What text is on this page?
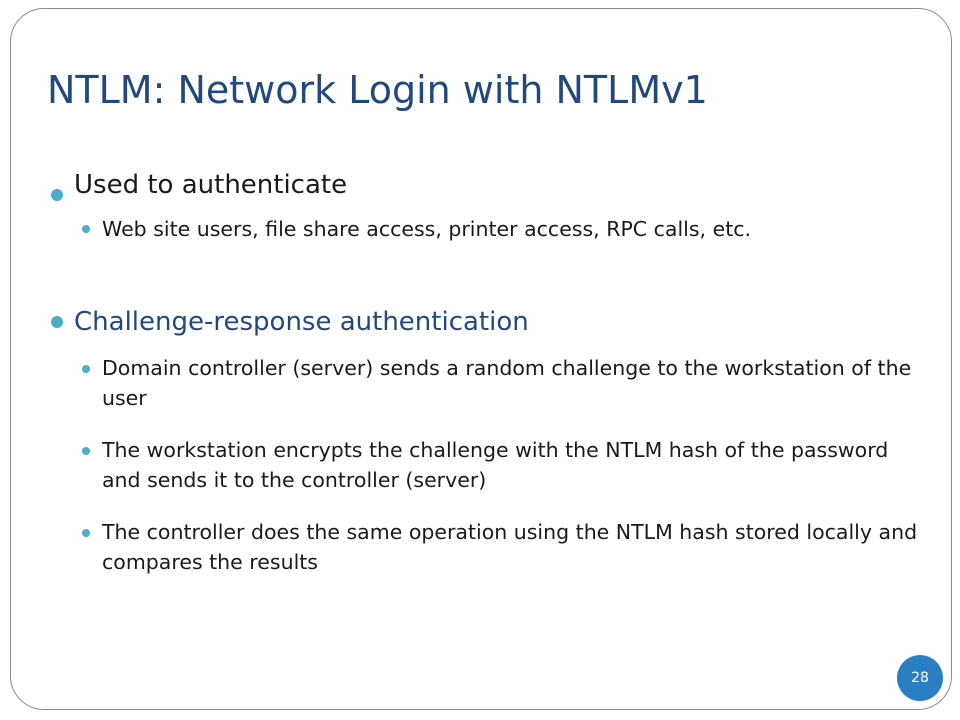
NTLM: Network Login with NTLMv1
Used to authenticate
Web site users, file share access, printer access, RPC calls, etc.
Challenge-response authentication
Domain controller (server) sends a random challenge to the workstation of the user
The workstation encrypts the challenge with the NTLM hash of the password and sends it to the controller (server)
The controller does the same operation using the NTLM hash stored locally and compares the results
28
